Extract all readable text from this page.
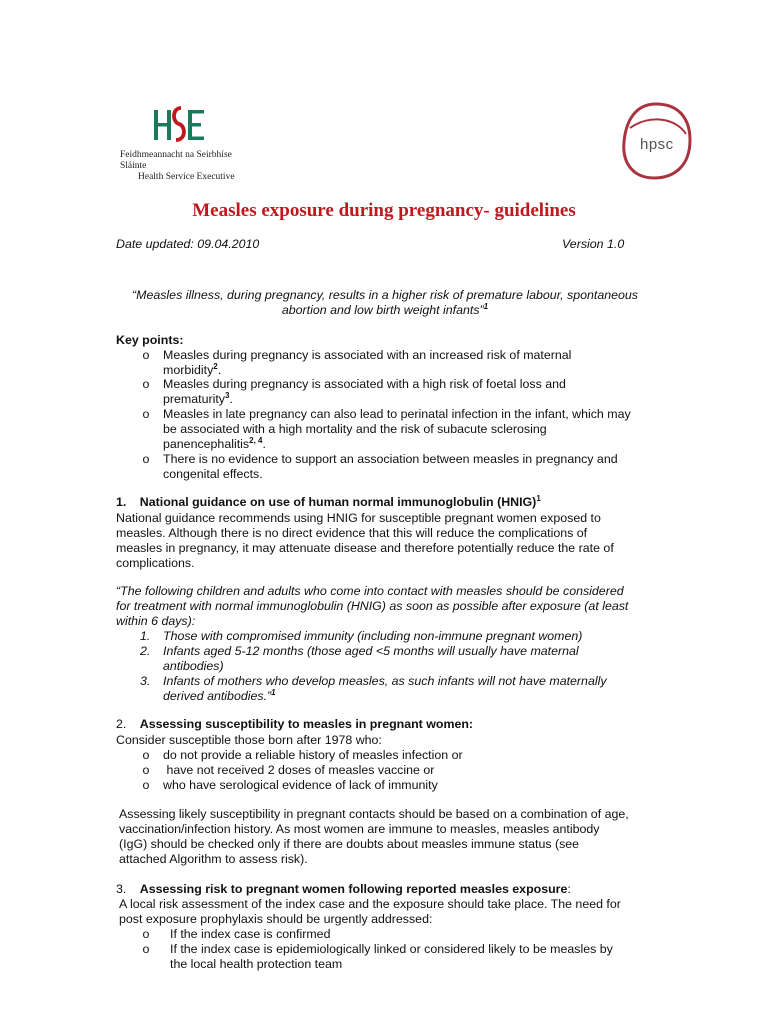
Feidhmeannacht na Seirbhíse Sláinte
Health Service Executive
hpsc
Measles exposure during pregnancy- guidelines
Date updated: 09.04.2010	Version 1.0
“Measles illness, during pregnancy, results in a higher risk of premature labour, spontaneous
abortion and low birth weight infants”$^1$
Key points:
o Measles during pregnancy is associated with an increased risk of maternal
morbidity$^2$.
o Measles during pregnancy is associated with a high risk of foetal loss and
prematurity$^3$.
o Measles in late pregnancy can also lead to perinatal infection in the infant, which may
be associated with a high mortality and the risk of subacute sclerosing
panencephalitis$^{2, 4}$.
o There is no evidence to support an association between measles in pregnancy and
congenital effects.
1. National guidance on use of human normal immunoglobulin (HNIG)$^1$
National guidance recommends using HNIG for susceptible pregnant women exposed to
measles. Although there is no direct evidence that this will reduce the complications of
measles in pregnancy, it may attenuate disease and therefore potentially reduce the rate of
complications.
“The following children and adults who come into contact with measles should be considered
for treatment with normal immunoglobulin (HNIG) as soon as possible after exposure (at least
within 6 days):
1.	Those with compromised immunity (including non-immune pregnant women)
2.	Infants aged 5-12 months (those aged <5 months will usually have maternal
antibodies)
3.	Infants of mothers who develop measles, as such infants will not have maternally
derived antibodies.”$^1$
2. Assessing susceptibility to measles in pregnant women:
Consider susceptible those born after 1978 who:
o do not provide a reliable history of measles infection or
o have not received 2 doses of measles vaccine or
o who have serological evidence of lack of immunity
Assessing likely susceptibility in pregnant contacts should be based on a combination of age,
vaccination/infection history. As most women are immune to measles, measles antibody
(IgG) should be checked only if there are doubts about measles immune status (see
attached Algorithm to assess risk).
3. Assessing risk to pregnant women following reported measles exposure:
A local risk assessment of the index case and the exposure should take place. The need for
post exposure prophylaxis should be urgently addressed:
o If the index case is confirmed
o If the index case is epidemiologically linked or considered likely to be measles by
the local health protection team
